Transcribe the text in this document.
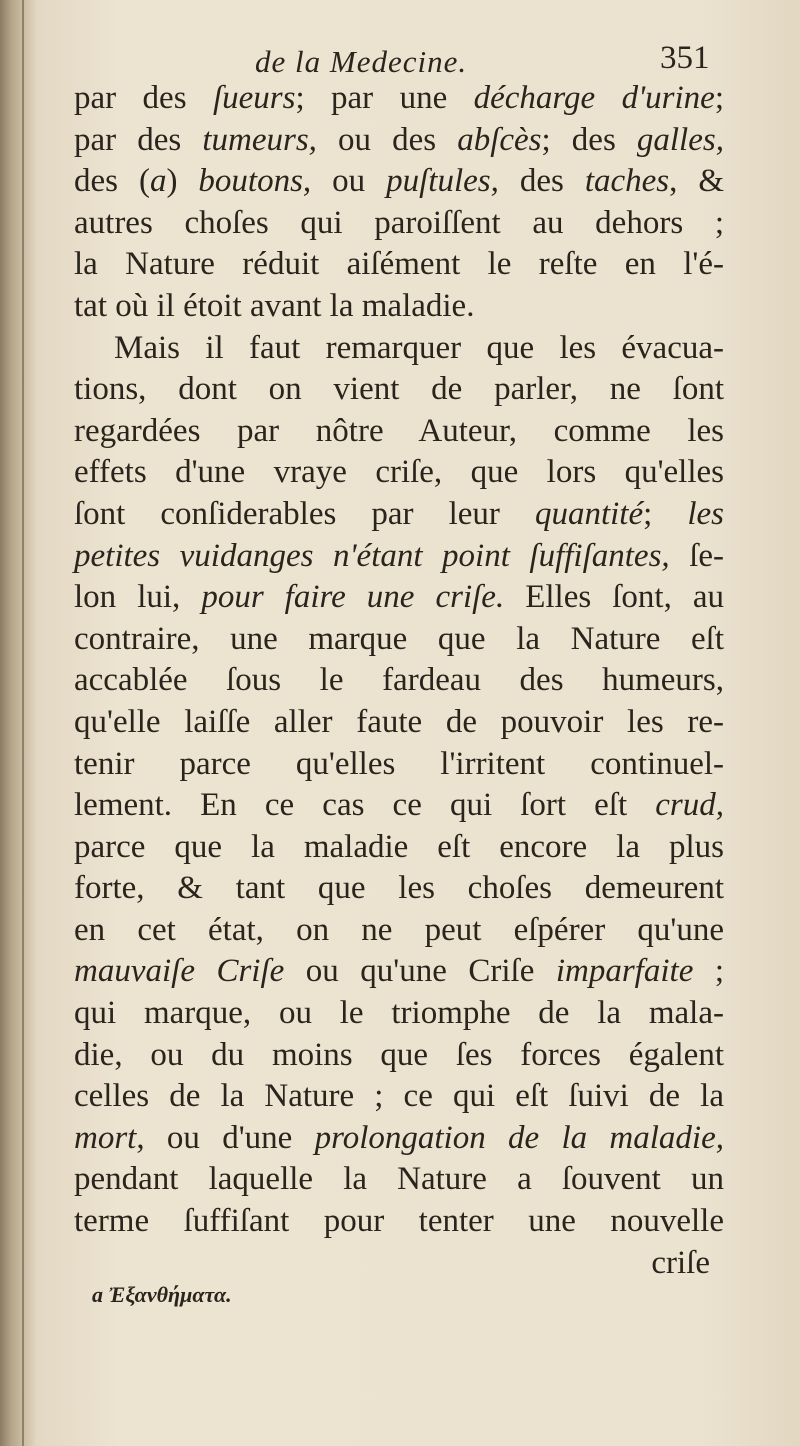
de la Medecine.	351
par des ſueurs; par une décharge d'urine;
par des tumeurs, ou des abſcès; des galles,
des (a) boutons, ou puſtules, des taches, &
autres choſes qui paroiſſent au dehors ;
la Nature réduit aiſément le reſte en l'é-
tat où il étoit avant la maladie.
Mais il faut remarquer que les évacua-
tions, dont on vient de parler, ne ſont
regardées par nôtre Auteur, comme les
effets d'une vraye criſe, que lors qu'elles
ſont conſiderables par leur quantité; les
petites vuidanges n'étant point ſuffiſantes, ſe-
lon lui, pour faire une criſe. Elles ſont, au
contraire, une marque que la Nature eſt
accablée ſous le fardeau des humeurs,
qu'elle laiſſe aller faute de pouvoir les re-
tenir parce qu'elles l'irritent continuel-
lement. En ce cas ce qui ſort eſt crud,
parce que la maladie eſt encore la plus
forte, & tant que les choſes demeurent
en cet état, on ne peut eſpérer qu'une
mauvaiſe Criſe ou qu'une Criſe imparfaite ;
qui marque, ou le triomphe de la mala-
die, ou du moins que ſes forces égalent
celles de la Nature ; ce qui eſt ſuivi de la
mort, ou d'une prolongation de la maladie,
pendant laquelle la Nature a ſouvent un
terme ſuffiſant pour tenter une nouvelle
criſe
a Ἐξανθήματα.
